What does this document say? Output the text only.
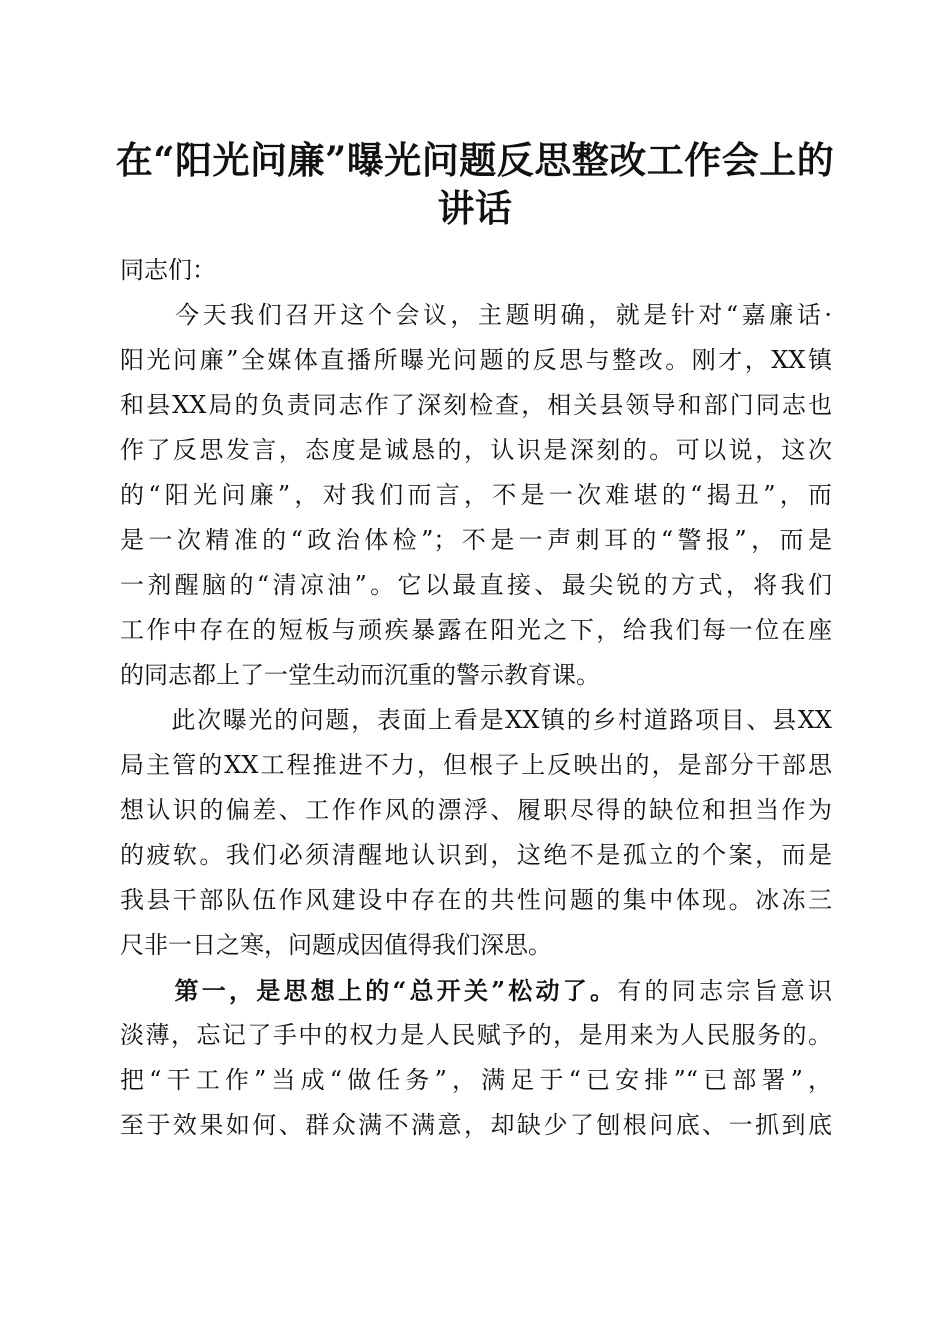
在“阳光问廉”曝光问题反思整改工作会上的
讲话
同志们：
　　今天我们召开这个会议，主题明确，就是针对“嘉廉话·
阳光问廉”全媒体直播所曝光问题的反思与整改。刚才，XX镇
和县XX局的负责同志作了深刻检查，相关县领导和部门同志也
作了反思发言，态度是诚恳的，认识是深刻的。可以说，这次
的“阳光问廉”，对我们而言，不是一次难堪的“揭丑”，而
是一次精准的“政治体检”；不是一声刺耳的“警报”，而是
一剂醒脑的“清凉油”。它以最直接、最尖锐的方式，将我们
工作中存在的短板与顽疾暴露在阳光之下，给我们每一位在座
的同志都上了一堂生动而沉重的警示教育课。
　　此次曝光的问题，表面上看是XX镇的乡村道路项目、县XX
局主管的XX工程推进不力，但根子上反映出的，是部分干部思
想认识的偏差、工作作风的漂浮、履职尽得的缺位和担当作为
的疲软。我们必须清醒地认识到，这绝不是孤立的个案，而是
我县干部队伍作风建设中存在的共性问题的集中体现。冰冻三
尺非一日之寒，问题成因值得我们深思。
　　第一，是思想上的“总开关”松动了。有的同志宗旨意识
淡薄，忘记了手中的权力是人民赋予的，是用来为人民服务的。
把“干工作”当成“做任务”，满足于“已安排”“已部署”，
至于效果如何、群众满不满意，却缺少了刨根问底、一抓到底
